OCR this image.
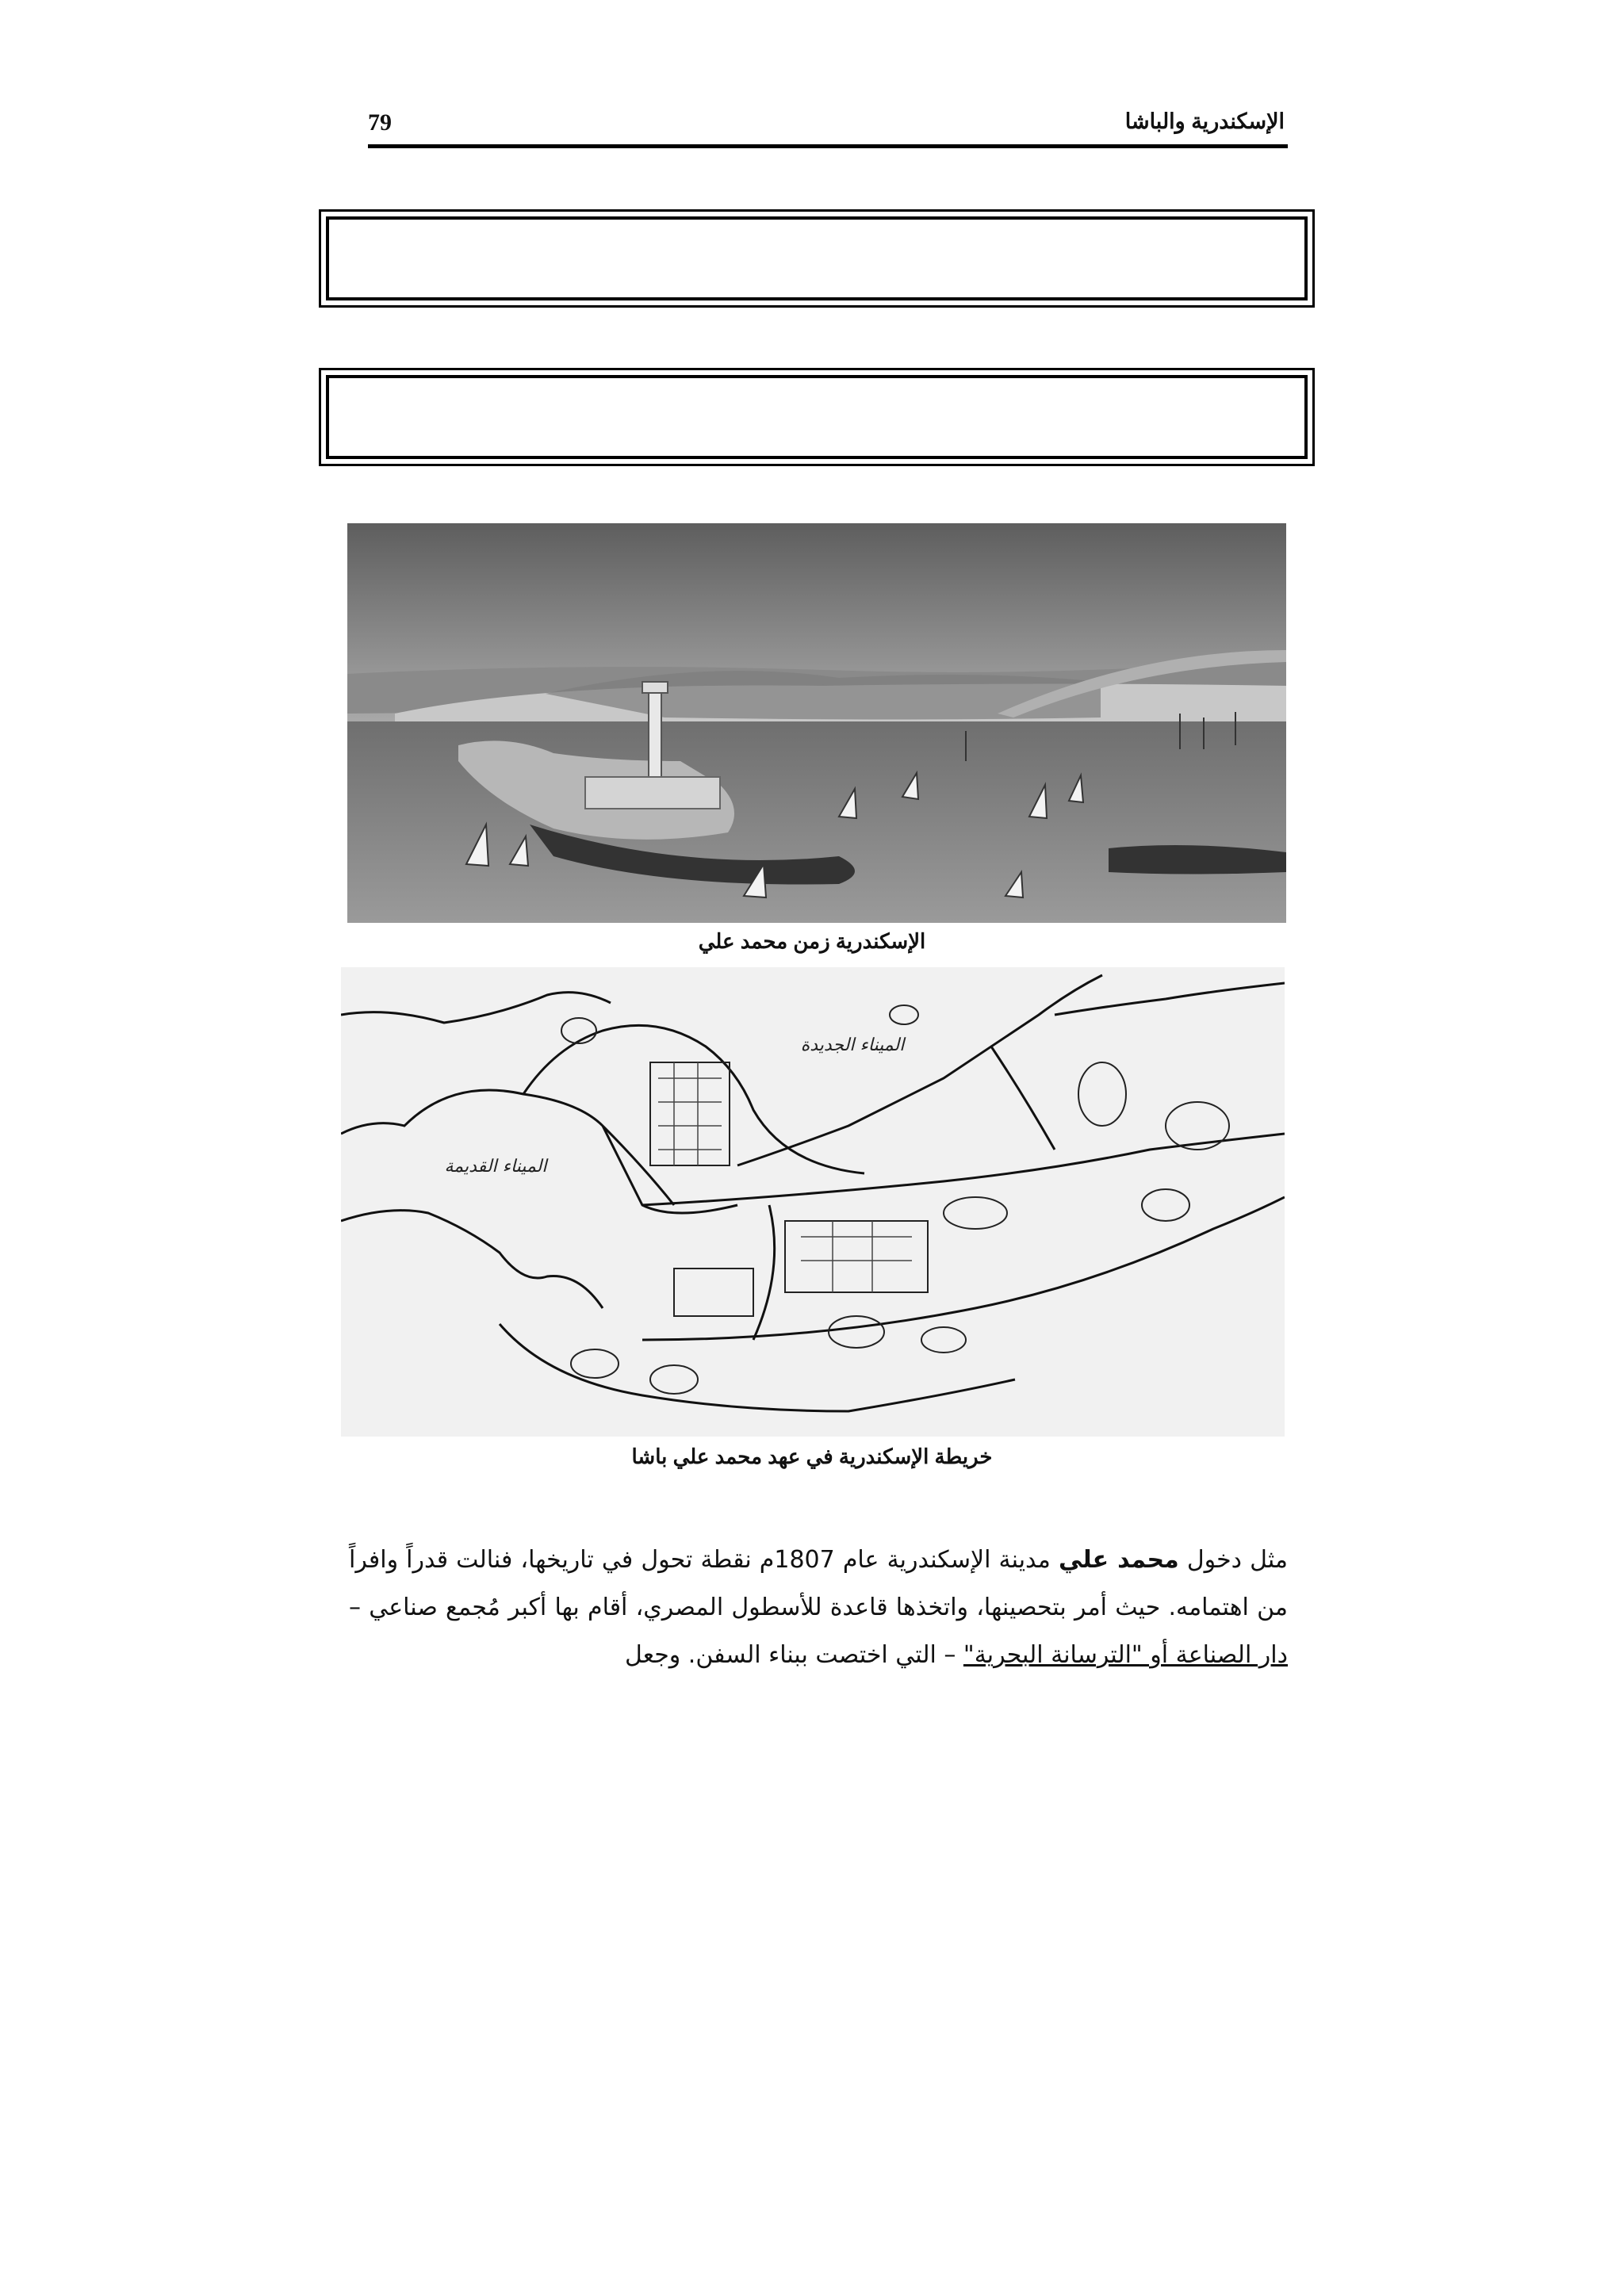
79	الإسكندرية والباشا
الإسكندرية زمن محمد علي
الميناء الجديدة
الميناء القديمة
خريطة الإسكندرية في عهد محمد علي باشا
مثل دخول محمد علي مدينة الإسكندرية عام 1807م نقطة تحول في تاريخها، فنالت قدراً وافراً من اهتمامه. حيث أمر بتحصينها، واتخذها قاعدة للأسطول المصري، أقام بها أكبر مُجمع صناعي –دار الصناعة أو "الترسانة البحرية" – التي اختصت ببناء السفن. وجعل
